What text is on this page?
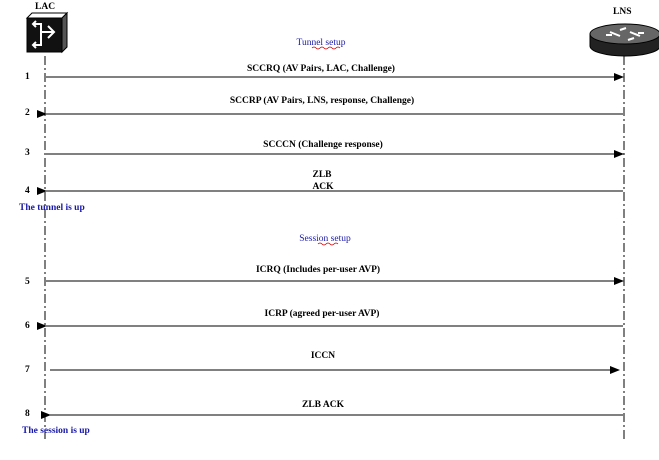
LAC	LNS
Tunnel setup
Session setup
The tunnel is up
The session is up
1
SCCRQ (AV Pairs, LAC, Challenge)
2
SCCRP (AV Pairs, LNS, response, Challenge)
3
SCCCN (Challenge response)
4
ZLB
ACK
5
ICRQ (Includes per-user AVP)
6
ICRP (agreed per-user AVP)
7
ICCN
8
ZLB ACK
